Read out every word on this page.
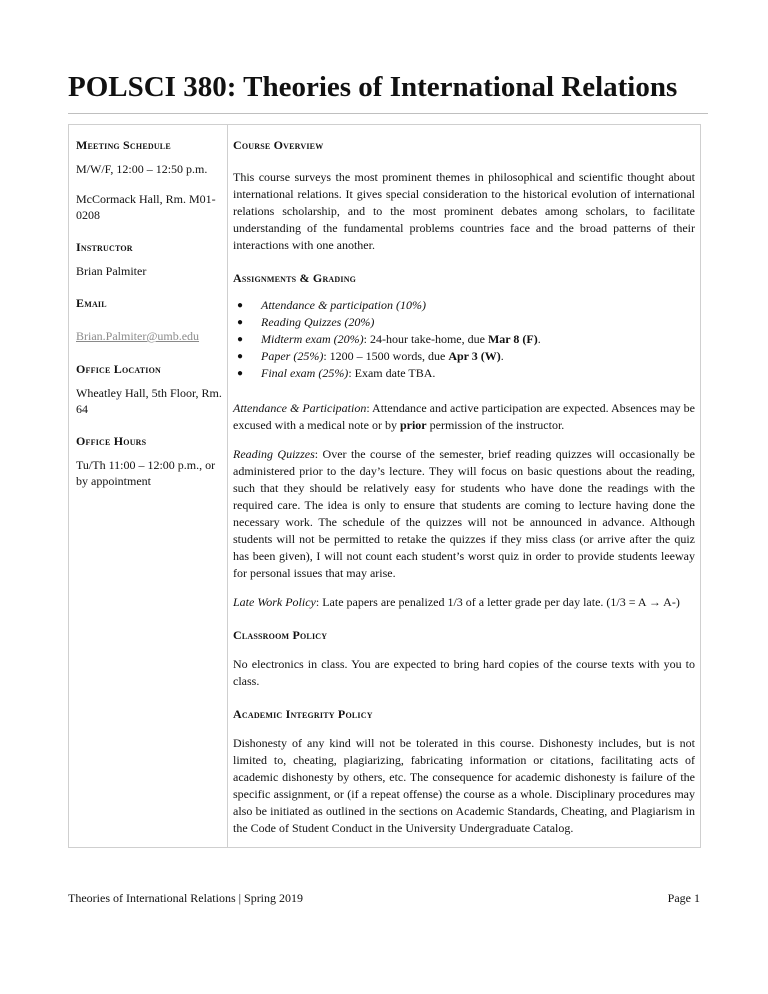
POLSCI 380: Theories of International Relations
Meeting Schedule

M/W/F, 12:00 – 12:50 p.m.

McCormack Hall, Rm. M01-0208

Instructor

Brian Palmiter

Email

Brian.Palmiter@umb.edu

Office Location

Wheatley Hall, 5th Floor, Rm. 64

Office Hours

Tu/Th 11:00 – 12:00 p.m., or by appointment

Course Overview

This course surveys the most prominent themes in philosophical and scientific thought about international relations. It gives special consideration to the historical evolution of international relations scholarship, and to the most prominent debates among scholars, to facilitate understanding of the fundamental problems countries face and the broad patterns of their interactions with one another.

Assignments & Grading
● Attendance & participation (10%)
● Reading Quizzes (20%)
● Midterm exam (20%): 24-hour take-home, due Mar 8 (F).
● Paper (25%): 1200 – 1500 words, due Apr 3 (W).
● Final exam (25%): Exam date TBA.

Attendance & Participation: Attendance and active participation are expected. Absences may be excused with a medical note or by prior permission of the instructor.

Reading Quizzes: Over the course of the semester, brief reading quizzes will occasionally be administered prior to the day’s lecture. They will focus on basic questions about the reading, such that they should be relatively easy for students who have done the readings with the required care. The idea is only to ensure that students are coming to lecture having done the necessary work. The schedule of the quizzes will not be announced in advance. Although students will not be permitted to retake the quizzes if they miss class (or arrive after the quiz has been given), I will not count each student’s worst quiz in order to provide students leeway for personal issues that may arise.

Late Work Policy: Late papers are penalized 1/3 of a letter grade per day late. (1/3 = A → A-)

Classroom Policy

No electronics in class. You are expected to bring hard copies of the course texts with you to class.

Academic Integrity Policy

Dishonesty of any kind will not be tolerated in this course. Dishonesty includes, but is not limited to, cheating, plagiarizing, fabricating information or citations, facilitating acts of academic dishonesty by others, etc. The consequence for academic dishonesty is failure of the specific assignment, or (if a repeat offense) the course as a whole. Disciplinary procedures may also be initiated as outlined in the sections on Academic Standards, Cheating, and Plagiarism in the Code of Student Conduct in the University Undergraduate Catalog.

Theories of International Relations | Spring 2019	Page 1
